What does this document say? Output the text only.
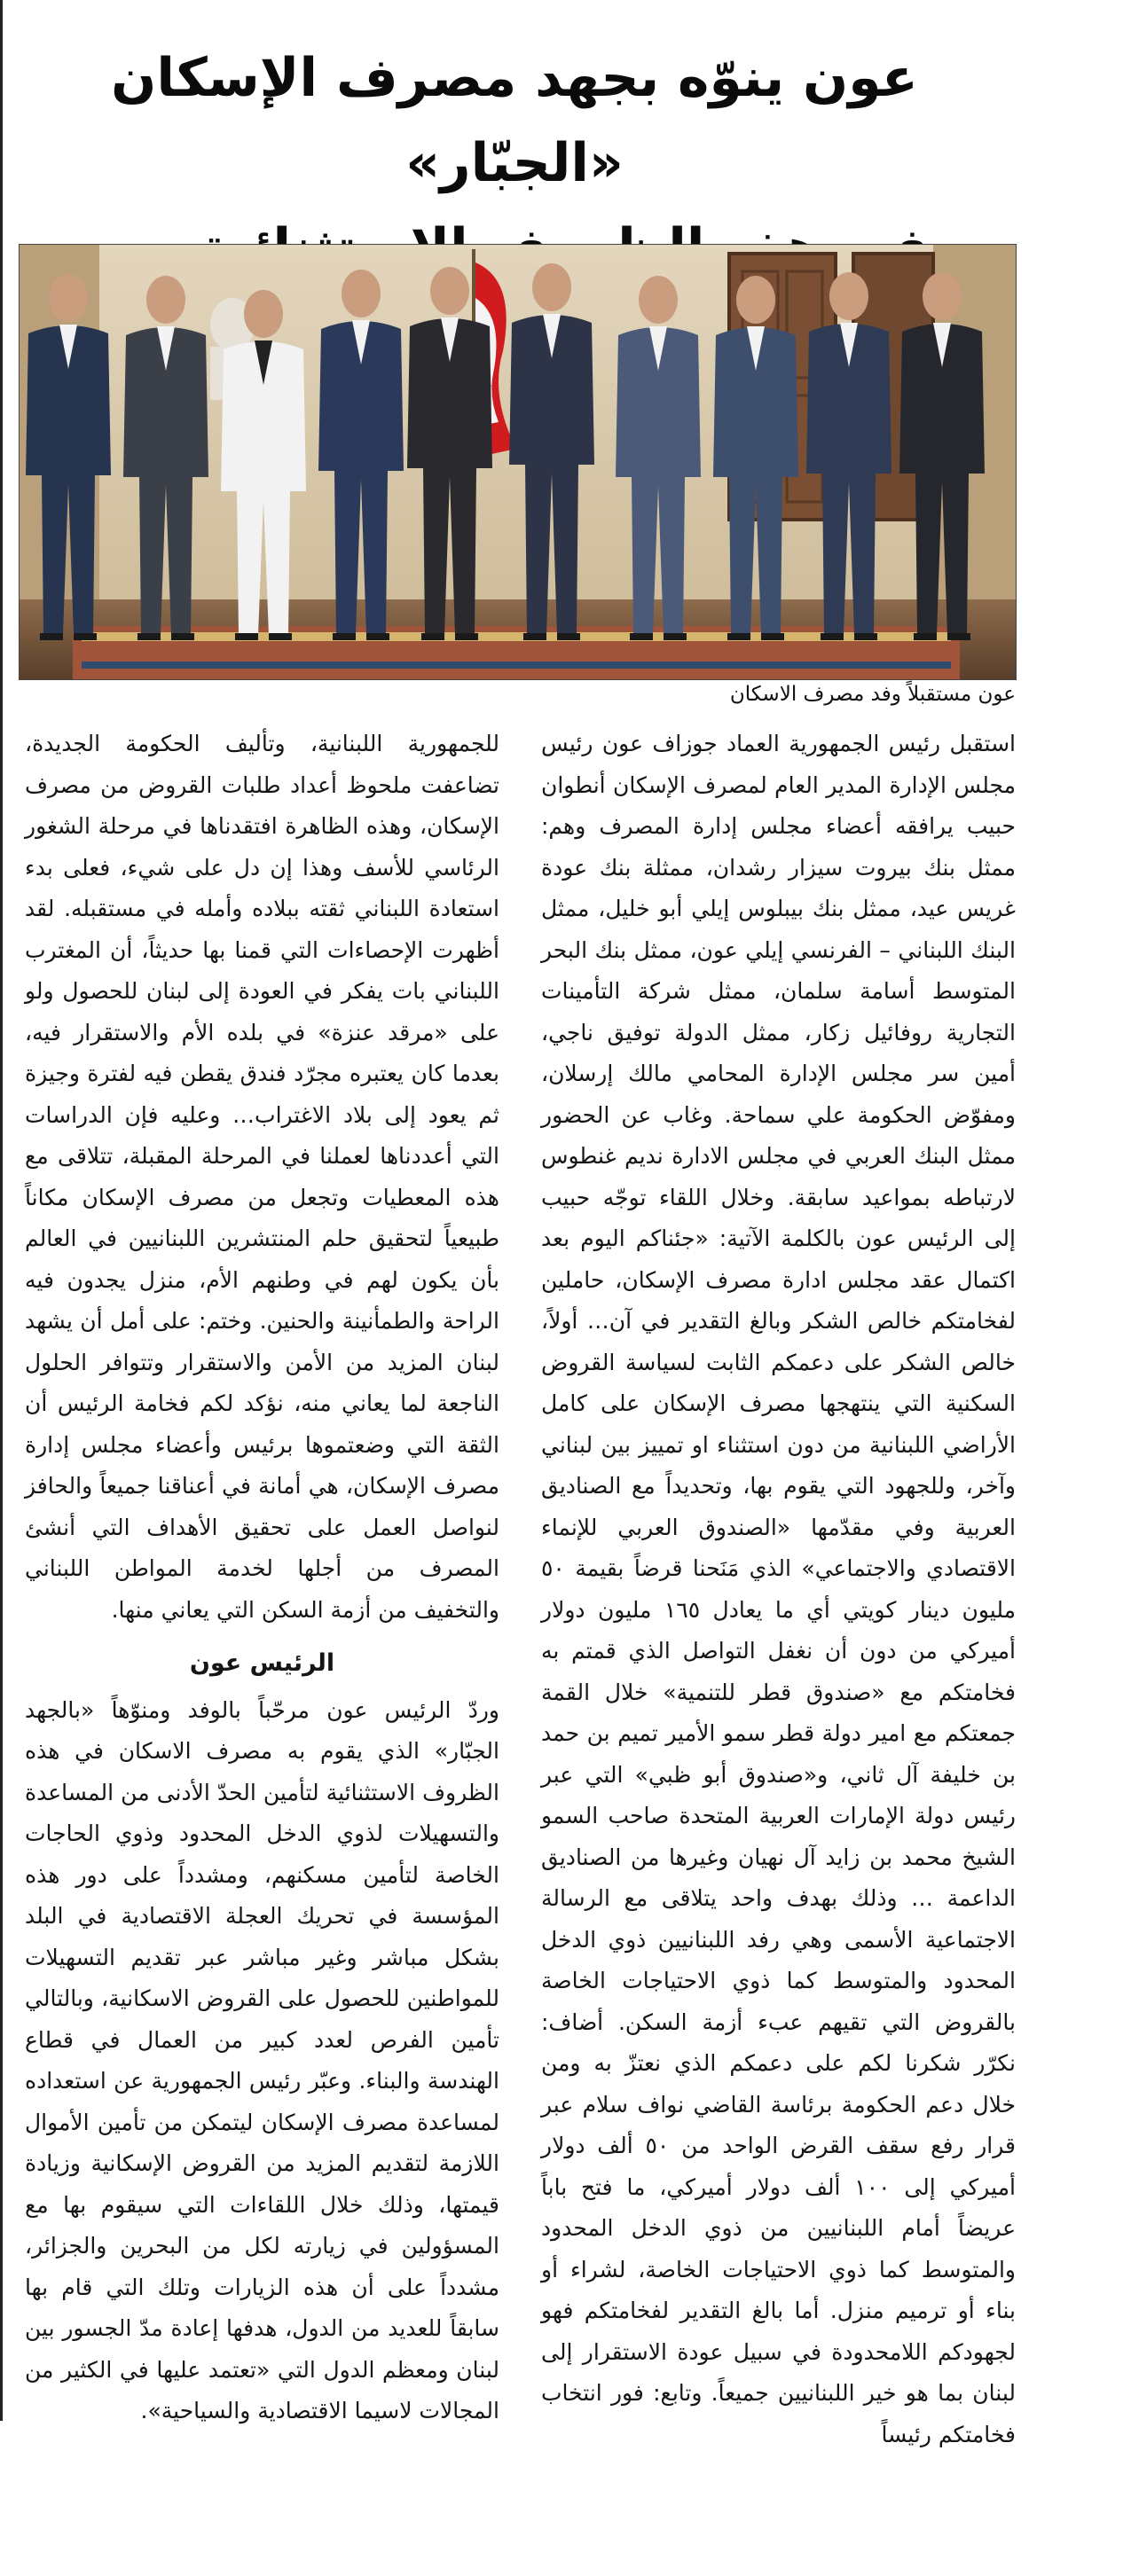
عون ينوّه بجهد مصرف الإسكان «الجبّار»
عون مستقبلاً وفد مصرف الاسكان

استقبل رئيس الجمهورية العماد جوزاف عون رئيس مجلس الإدارة المدير العام لمصرف الإسكان أنطوان حبيب يرافقه أعضاء مجلس إدارة المصرف وهم: ممثل بنك بيروت سيزار رشدان، ممثلة بنك عودة غريس عيد، ممثل بنك بيبلوس إيلي أبو خليل، ممثل البنك اللبناني – الفرنسي إيلي عون، ممثل بنك البحر المتوسط أسامة سلمان، ممثل شركة التأمينات التجارية روفائيل زكار، ممثل الدولة توفيق ناجي، أمين سر مجلس الإدارة المحامي مالك إرسلان، ومفوّض الحكومة علي سماحة. وغاب عن الحضور ممثل البنك العربي في مجلس الادارة نديم غنطوس لارتباطه بمواعيد سابقة. وخلال اللقاء توجّه حبيب إلى الرئيس عون بالكلمة الآتية: «جئناكم اليوم بعد اكتمال عقد مجلس ادارة مصرف الإسكان، حاملين لفخامتكم خالص الشكر وبالغ التقدير في آن… أولاً، خالص الشكر على دعمكم الثابت لسياسة القروض السكنية التي ينتهجها مصرف الإسكان على كامل الأراضي اللبنانية من دون استثناء او تمييز بين لبناني وآخر، وللجهود التي يقوم بها، وتحديداً مع الصناديق العربية وفي مقدّمها «الصندوق العربي للإنماء الاقتصادي والاجتماعي» الذي مَنَحنا قرضاً بقيمة ٥٠ مليون دينار كويتي أي ما يعادل ١٦٥ مليون دولار أميركي من دون أن نغفل التواصل الذي قمتم به فخامتكم مع «صندوق قطر للتنمية» خلال القمة جمعتكم مع امير دولة قطر سمو الأمير تميم بن حمد بن خليفة آل ثاني، و«صندوق أبو ظبي» التي عبر رئيس دولة الإمارات العربية المتحدة صاحب السمو الشيخ محمد بن زايد آل نهيان وغيرها من الصناديق الداعمة … وذلك بهدف واحد يتلاقى مع الرسالة الاجتماعية الأسمى وهي رفد اللبنانيين ذوي الدخل المحدود والمتوسط كما ذوي الاحتياجات الخاصة بالقروض التي تقيهم عبء أزمة السكن. أضاف: نكرّر شكرنا لكم على دعمكم الذي نعتزّ به ومن خلال دعم الحكومة برئاسة القاضي نواف سلام عبر قرار رفع سقف القرض الواحد من ٥٠ ألف دولار أميركي إلى ١٠٠ ألف دولار أميركي، ما فتح باباً عريضاً أمام اللبنانيين من ذوي الدخل المحدود والمتوسط كما ذوي الاحتياجات الخاصة، لشراء أو بناء أو ترميم منزل. أما بالغ التقدير لفخامتكم فهو لجهودكم اللامحدودة في سبيل عودة الاستقرار إلى لبنان بما هو خير اللبنانيين جميعاً. وتابع: فور انتخاب فخامتكم رئيساً

للجمهورية اللبنانية، وتأليف الحكومة الجديدة، تضاعفت ملحوظ أعداد طلبات القروض من مصرف الإسكان، وهذه الظاهرة افتقدناها في مرحلة الشغور الرئاسي للأسف وهذا إن دل على شيء، فعلى بدء استعادة اللبناني ثقته ببلاده وأمله في مستقبله. لقد أظهرت الإحصاءات التي قمنا بها حديثاً، أن المغترب اللبناني بات يفكر في العودة إلى لبنان للحصول ولو على «مرقد عنزة» في بلده الأم والاستقرار فيه، بعدما كان يعتبره مجرّد فندق يقطن فيه لفترة وجيزة ثم يعود إلى بلاد الاغتراب… وعليه فإن الدراسات التي أعددناها لعملنا في المرحلة المقبلة، تتلاقى مع هذه المعطيات وتجعل من مصرف الإسكان مكاناً طبيعياً لتحقيق حلم المنتشرين اللبنانيين في العالم بأن يكون لهم في وطنهم الأم، منزل يجدون فيه الراحة والطمأنينة والحنين. وختم: على أمل أن يشهد لبنان المزيد من الأمن والاستقرار وتتوافر الحلول الناجعة لما يعاني منه، نؤكد لكم فخامة الرئيس أن الثقة التي وضعتموها برئيس وأعضاء مجلس إدارة مصرف الإسكان، هي أمانة في أعناقنا جميعاً والحافز لنواصل العمل على تحقيق الأهداف التي أنشئ المصرف من أجلها لخدمة المواطن اللبناني والتخفيف من أزمة السكن التي يعاني منها.

الرئيس عون

وردّ الرئيس عون مرحّباً بالوفد ومنوّهاً «بالجهد الجبّار» الذي يقوم به مصرف الاسكان في هذه الظروف الاستثنائية لتأمين الحدّ الأدنى من المساعدة والتسهيلات لذوي الدخل المحدود وذوي الحاجات الخاصة لتأمين مسكنهم، ومشدداً على دور هذه المؤسسة في تحريك العجلة الاقتصادية في البلد بشكل مباشر وغير مباشر عبر تقديم التسهيلات للمواطنين للحصول على القروض الاسكانية، وبالتالي تأمين الفرص لعدد كبير من العمال في قطاع الهندسة والبناء. وعبّر رئيس الجمهورية عن استعداده لمساعدة مصرف الإسكان ليتمكن من تأمين الأموال اللازمة لتقديم المزيد من القروض الإسكانية وزيادة قيمتها، وذلك خلال اللقاءات التي سيقوم بها مع المسؤولين في زيارته لكل من البحرين والجزائر، مشدداً على أن هذه الزيارات وتلك التي قام بها سابقاً للعديد من الدول، هدفها إعادة مدّ الجسور بين لبنان ومعظم الدول التي «تعتمد عليها في الكثير من المجالات لاسيما الاقتصادية والسياحية».
